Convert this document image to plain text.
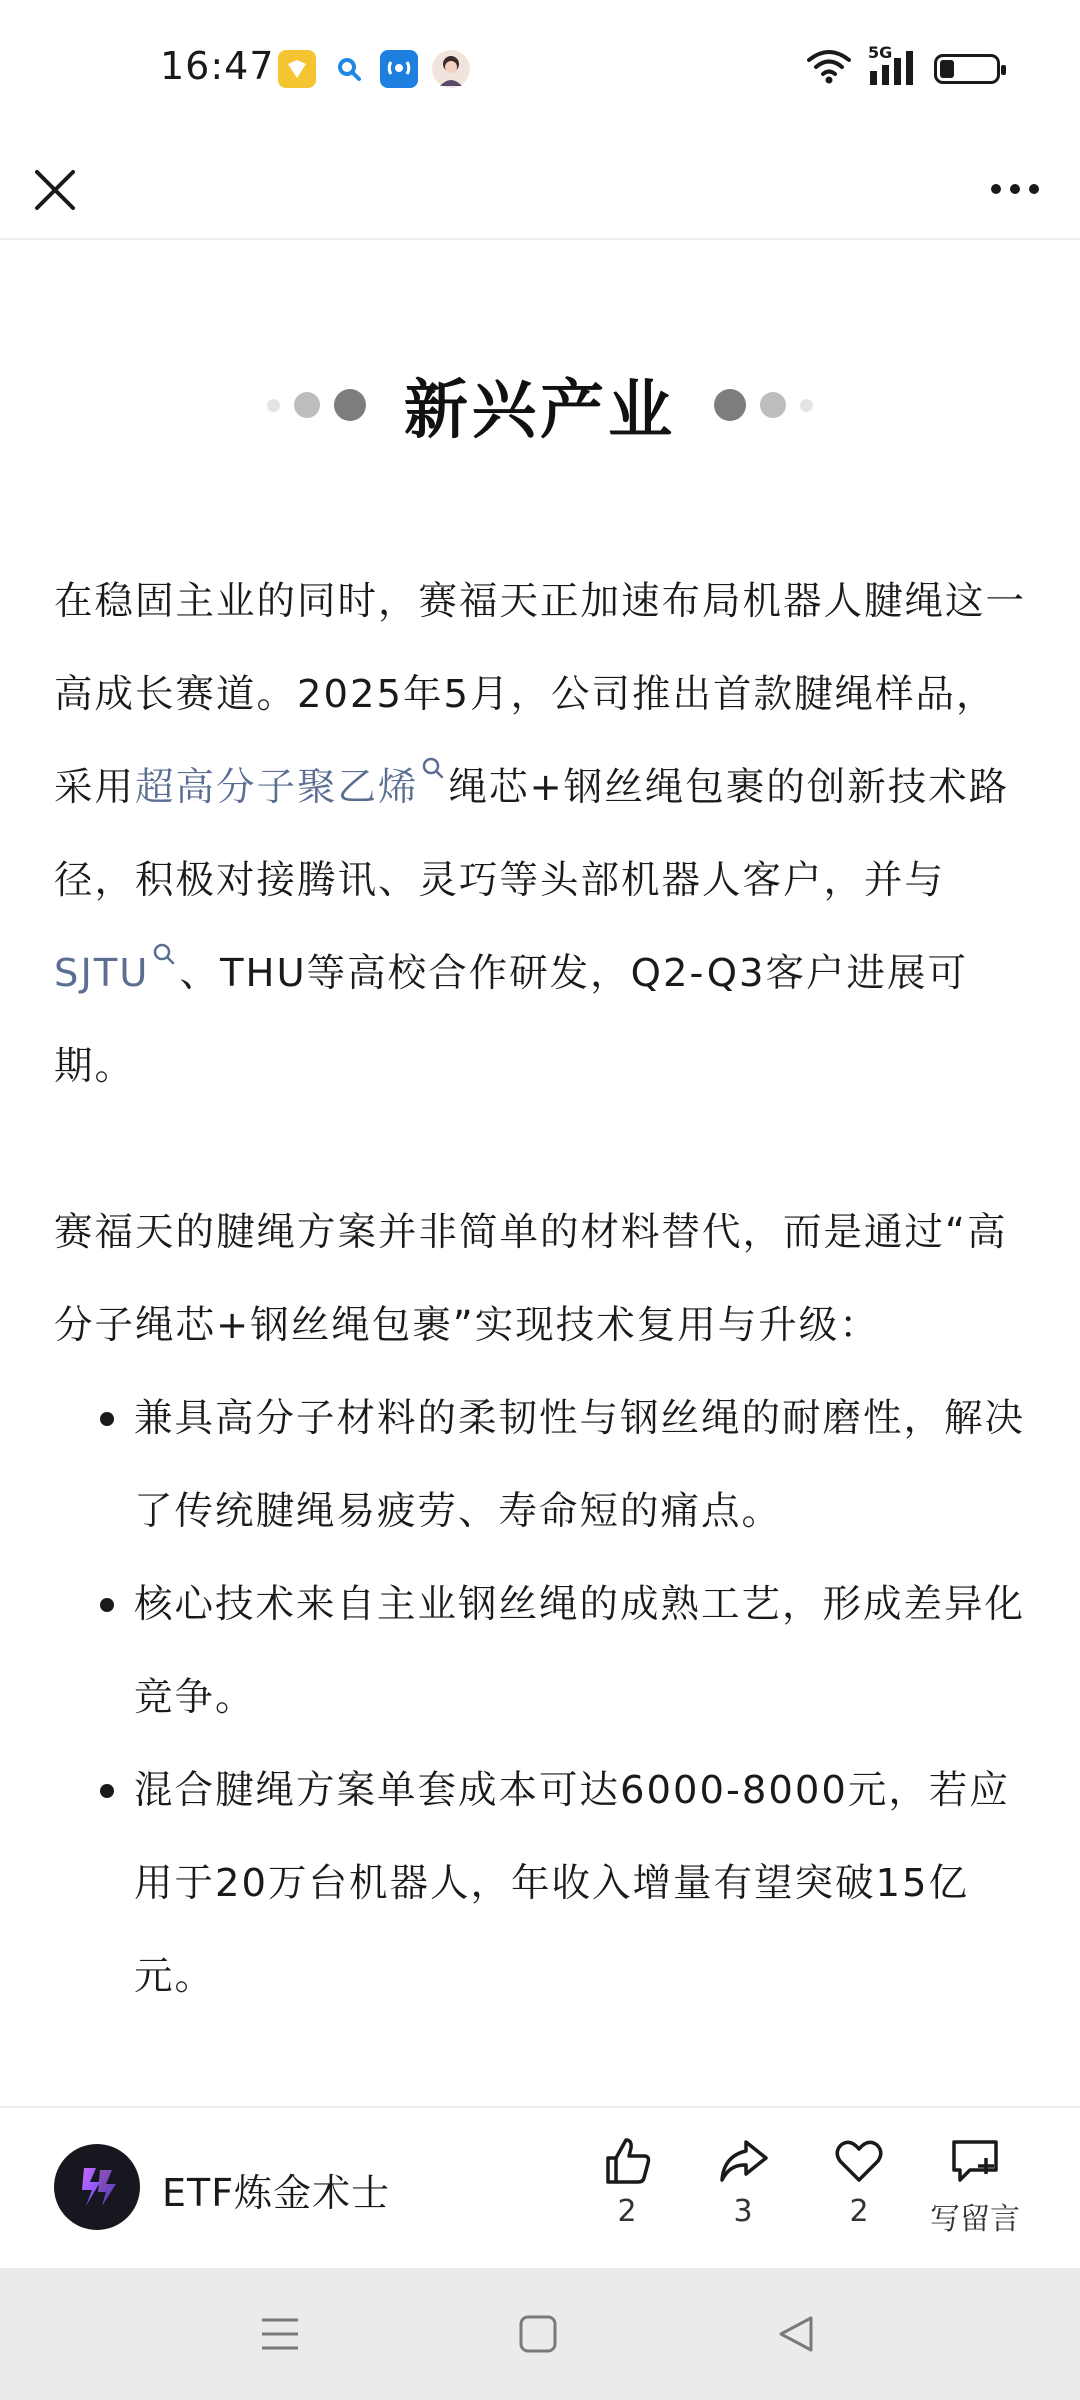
16:47	5G
新兴产业

在稳固主业的同时，赛福天正加速布局机器人腱绳这一高成长赛道。2025年5月，公司推出首款腱绳样品，采用超高分子聚乙烯 绳芯+钢丝绳包裹的创新技术路径，积极对接腾讯、灵巧等头部机器人客户，并与SJTU 、THU等高校合作研发，Q2-Q3客户进展可期。

赛福天的腱绳方案并非简单的材料替代，而是通过“高分子绳芯+钢丝绳包裹”实现技术复用与升级：

兼具高分子材料的柔韧性与钢丝绳的耐磨性，解决了传统腱绳易疲劳、寿命短的痛点。
核心技术来自主业钢丝绳的成熟工艺，形成差异化竞争。
混合腱绳方案单套成本可达6000-8000元，若应用于20万台机器人，年收入增量有望突破15亿元。
ETF炼金术士	2	3	2	写留言
